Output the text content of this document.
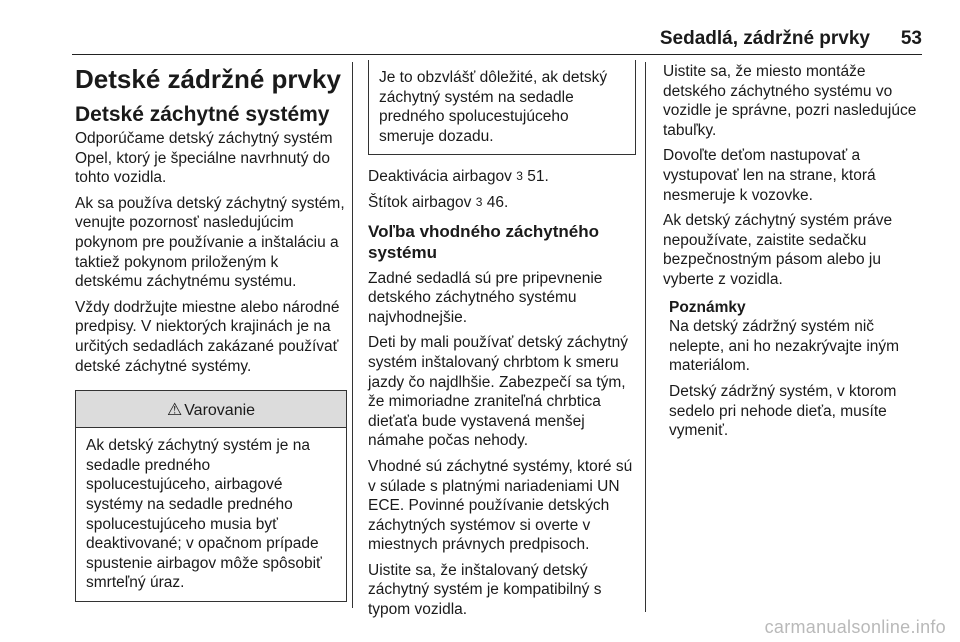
Sedadlá, zádržné prvky 53
Detské zádržné prvky
Detské záchytné systémy

Odporúčame detský záchytný systém Opel, ktorý je špeciálne navrhnutý do tohto vozidla.

Ak sa používa detský záchytný systém, venujte pozornosť nasledujúcim pokynom pre používanie a inštaláciu a taktiež pokynom priloženým k detskému záchytnému systému.

Vždy dodržujte miestne alebo národné predpisy. V niektorých krajinách je na určitých sedadlách zakázané používať detské záchytné systémy.

⚠ Varovanie
Ak detský záchytný systém je na sedadle predného spolucestujúceho, airbagové systémy na sedadle predného spolucestujúceho musia byť deaktivované; v opačnom prípade spustenie airbagov môže spôsobiť smrteľný úraz.
Je to obzvlášť dôležité, ak detský záchytný systém na sedadle predného spolucestujúceho smeruje dozadu.

Deaktivácia airbagov 3 51.

Štítok airbagov 3 46.

Voľba vhodného záchytného systému

Zadné sedadlá sú pre pripevnenie detského záchytného systému najvhodnejšie.

Deti by mali používať detský záchytný systém inštalovaný chrbtom k smeru jazdy čo najdlhšie. Zabezpečí sa tým, že mimoriadne zraniteľná chrbtica dieťaťa bude vystavená menšej námahe počas nehody.

Vhodné sú záchytné systémy, ktoré sú v súlade s platnými nariadeniami UN ECE. Povinné používanie detských záchytných systémov si overte v miestnych právnych predpisoch.

Uistite sa, že inštalovaný detský záchytný systém je kompatibilný s typom vozidla.

Uistite sa, že miesto montáže detského záchytného systému vo vozidle je správne, pozri nasledujúce tabuľky.

Dovoľte deťom nastupovať a vystupovať len na strane, ktorá nesmeruje k vozovke.

Ak detský záchytný systém práve nepoužívate, zaistite sedačku bezpečnostným pásom alebo ju vyberte z vozidla.

Poznámky

Na detský zádržný systém nič nelepte, ani ho nezakrývajte iným materiálom.

Detský zádržný systém, v ktorom sedelo pri nehode dieťa, musíte vymeniť.

carmanualsonline.info
